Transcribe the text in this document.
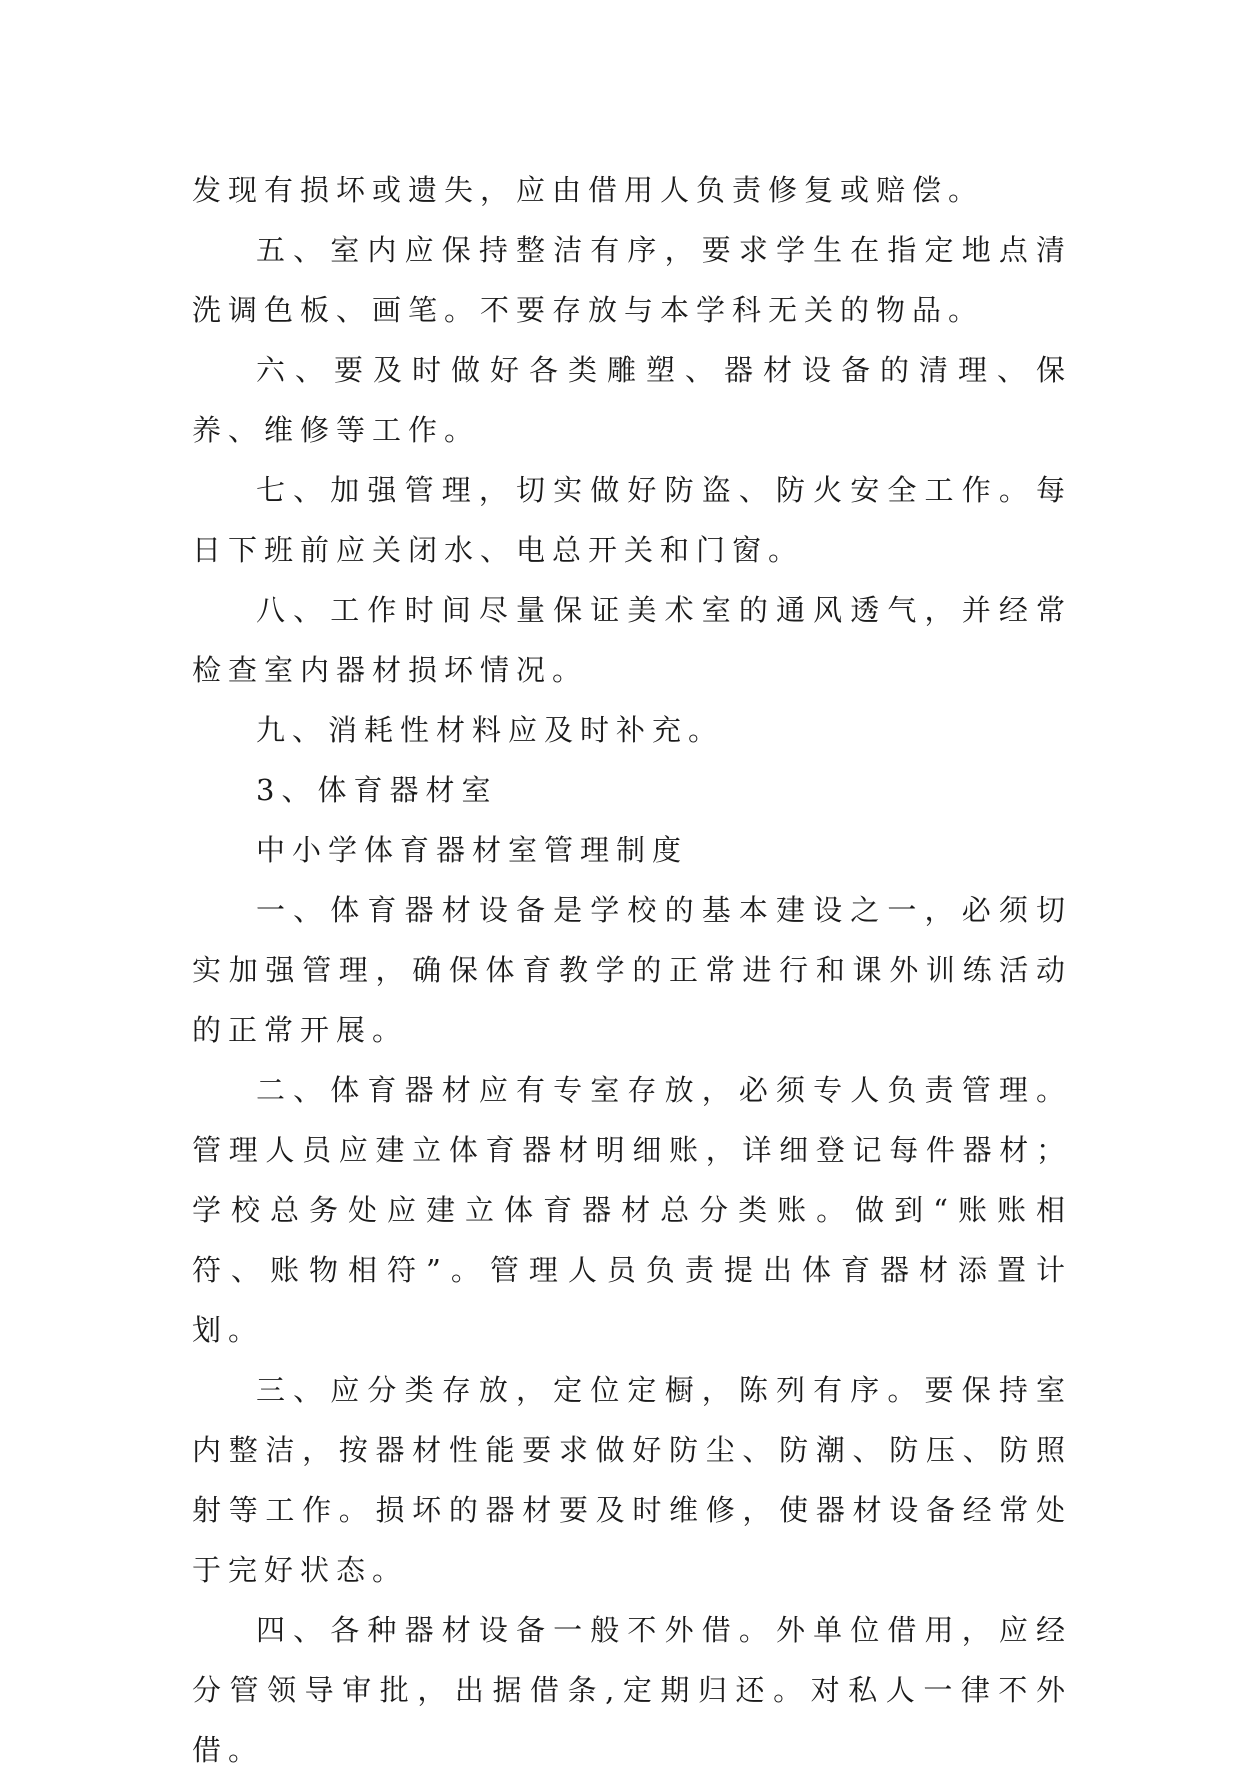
发现有损坏或遗失，应由借用人负责修复或赔偿。

五、室内应保持整洁有序，要求学生在指定地点清洗调色板、画笔。不要存放与本学科无关的物品。

六、要及时做好各类雕塑、器材设备的清理、保养、维修等工作。

七、加强管理，切实做好防盗、防火安全工作。每日下班前应关闭水、电总开关和门窗。

八、工作时间尽量保证美术室的通风透气，并经常检查室内器材损坏情况。

九、消耗性材料应及时补充。

3、体育器材室

中小学体育器材室管理制度

一、体育器材设备是学校的基本建设之一，必须切实加强管理，确保体育教学的正常进行和课外训练活动的正常开展。

二、体育器材应有专室存放，必须专人负责管理。管理人员应建立体育器材明细账，详细登记每件器材；学校总务处应建立体育器材总分类账。做到“账账相符、账物相符”。管理人员负责提出体育器材添置计划。

三、应分类存放，定位定橱，陈列有序。要保持室内整洁，按器材性能要求做好防尘、防潮、防压、防照射等工作。损坏的器材要及时维修，使器材设备经常处于完好状态。

四、各种器材设备一般不外借。外单位借用，应经分管领导审批，出据借条,定期归还。对私人一律不外借。
